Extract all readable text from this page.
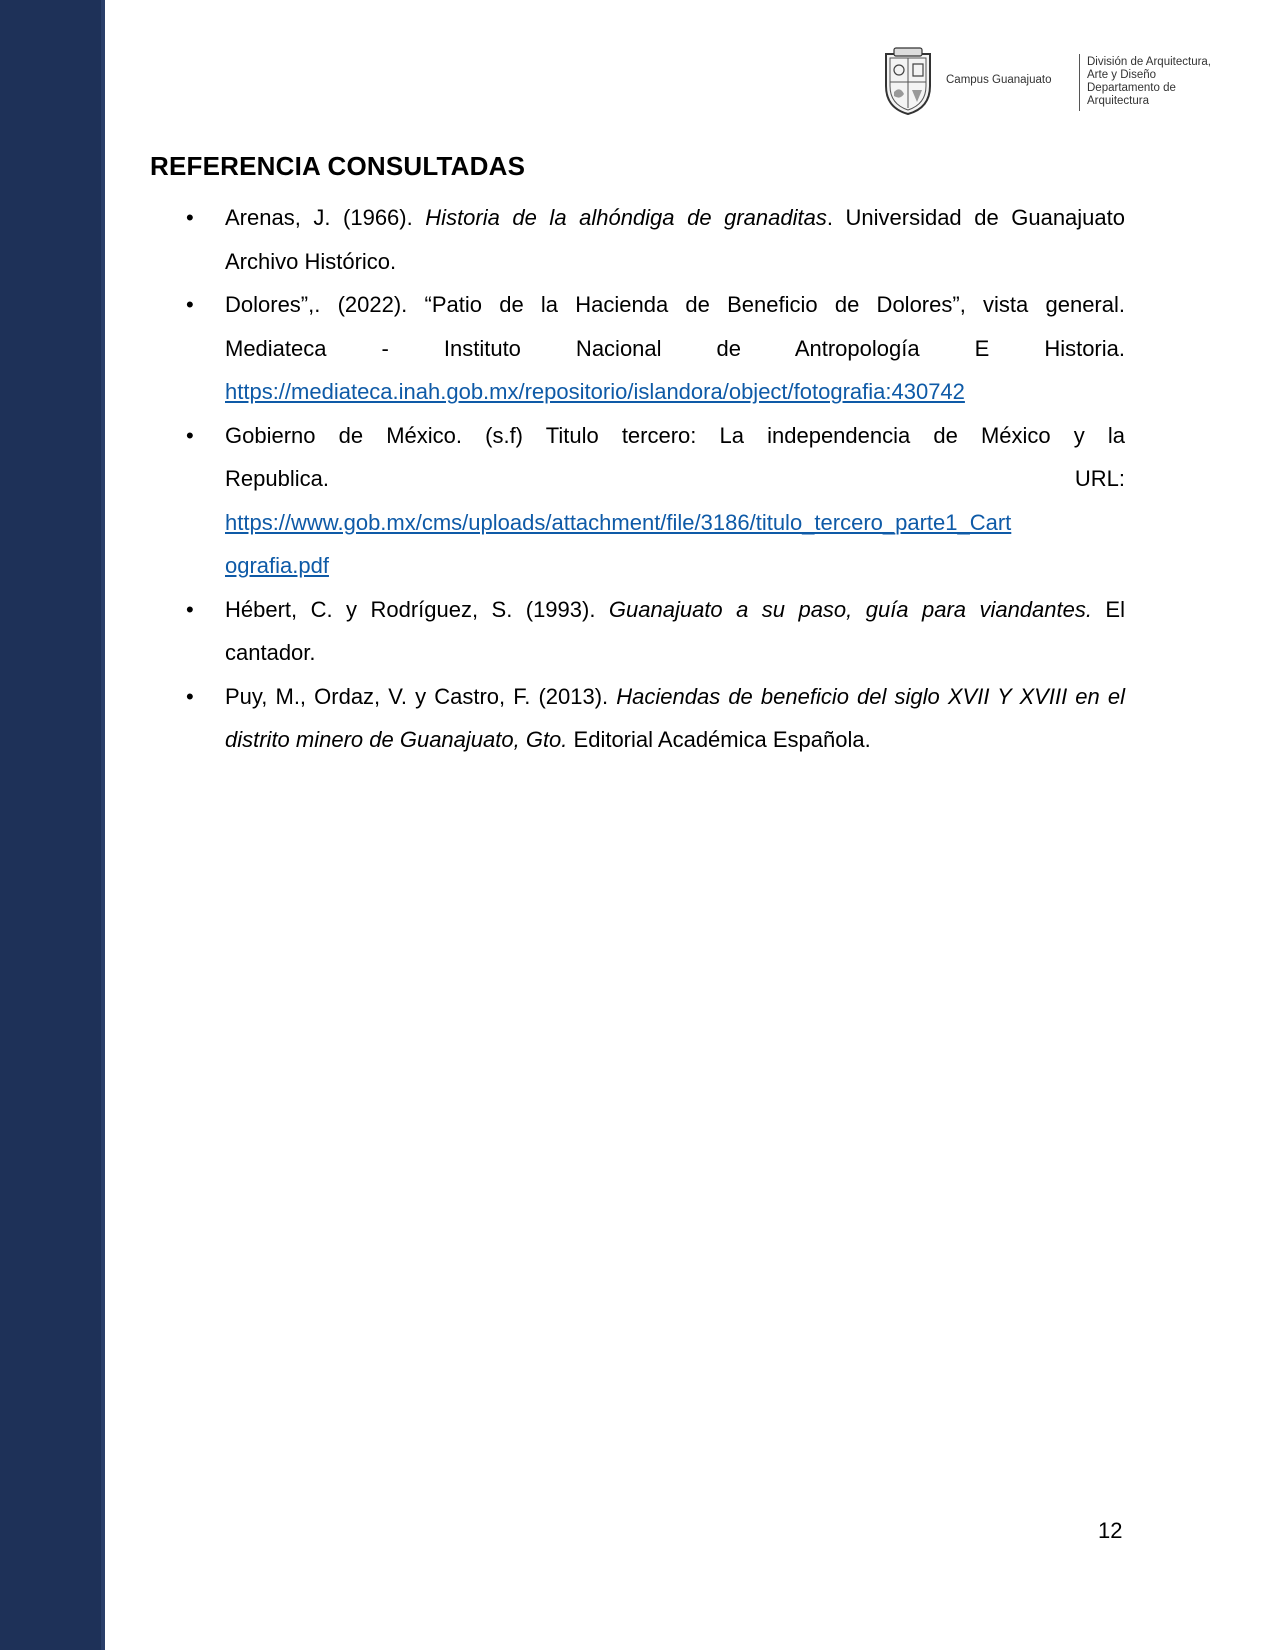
Campus Guanajuato
División de Arquitectura,
Arte y Diseño
Departamento de
Arquitectura
REFERENCIA CONSULTADAS
• Arenas, J. (1966). Historia de la alhóndiga de granaditas. Universidad de Guanajuato Archivo Histórico.
• Dolores”,. (2022). “Patio de la Hacienda de Beneficio de Dolores”, vista general.
Mediateca - Instituto Nacional de Antropología E Historia.
https://mediateca.inah.gob.mx/repositorio/islandora/object/fotografia:430742
• Gobierno de México. (s.f) Titulo tercero: La independencia de México y la
Republica.	URL:
https://www.gob.mx/cms/uploads/attachment/file/3186/titulo_tercero_parte1_Cart
ografia.pdf
• Hébert, C. y Rodríguez, S. (1993). Guanajuato a su paso, guía para viandantes. El cantador.
• Puy, M., Ordaz, V. y Castro, F. (2013). Haciendas de beneficio del siglo XVII Y XVIII en el distrito minero de Guanajuato, Gto. Editorial Académica Española.
12
